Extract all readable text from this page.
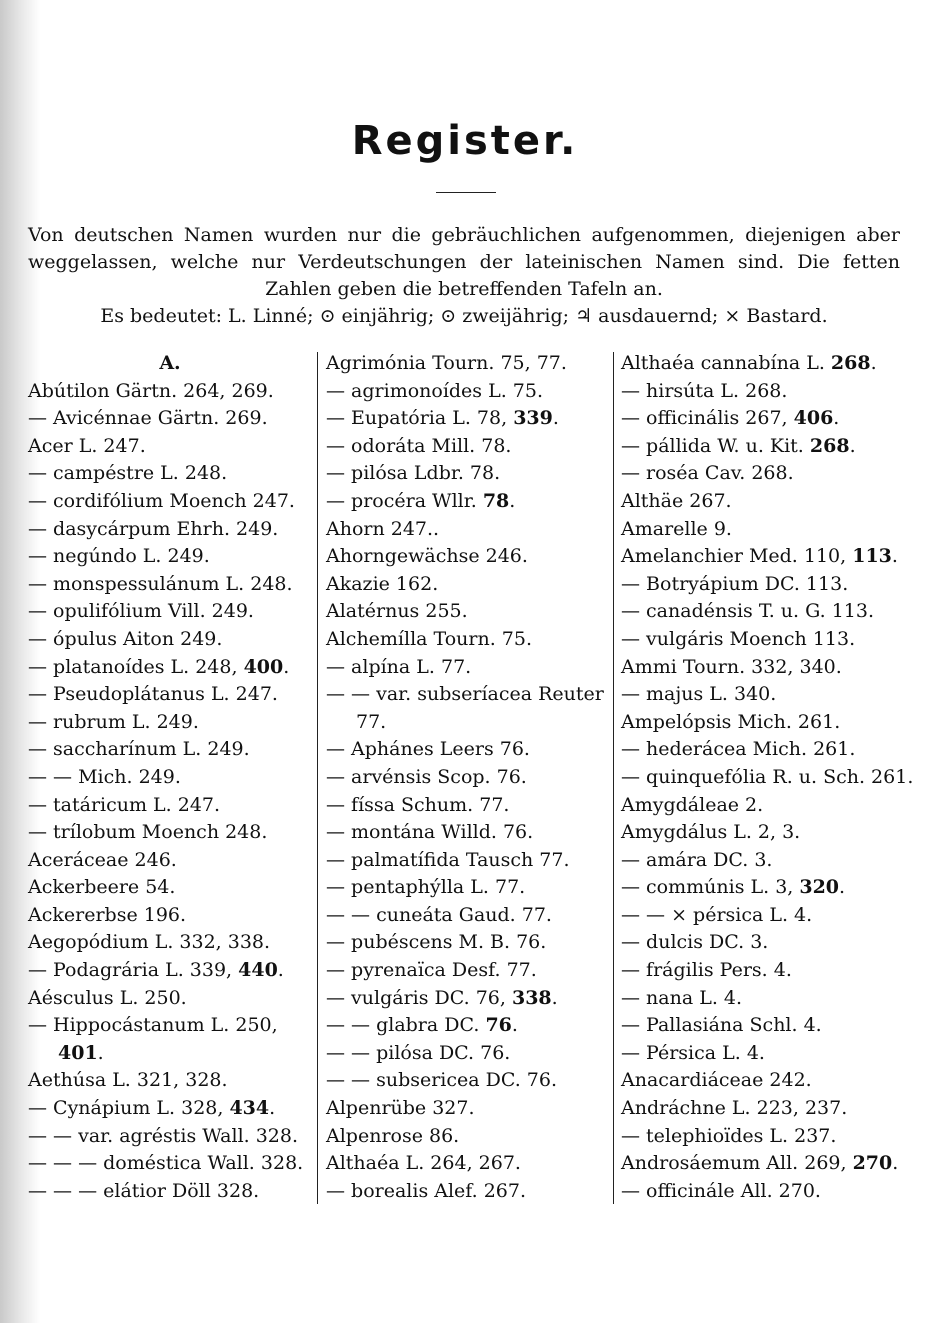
Register.

Von deutschen Namen wurden nur die gebräuchlichen aufgenommen, diejenigen aber

weggelassen, welche nur Verdeutschungen der lateinischen Namen sind. Die fetten

Zahlen geben die betreffenden Tafeln an.

Es bedeutet: L. Linné; ⊙ einjährig; ⊙ zweijährig; ♃ ausdauernd; × Bastard.

A.
Abútilon Gärtn. 264, 269.
— Avicénnae Gärtn. 269.
Acer L. 247.
— campéstre L. 248.
— cordifólium Moench 247.
— dasycárpum Ehrh. 249.
— negúndo L. 249.
— monspessulánum L. 248.
— opulifólium Vill. 249.
— ópulus Aiton 249.
— platanoídes L. 248, 400.
— Pseudoplátanus L. 247.
— rubrum L. 249.
— saccharínum L. 249.
— — Mich. 249.
— tatáricum L. 247.
— trílobum Moench 248.
Aceráceae 246.
Ackerbeere 54.
Ackererbse 196.
Aegopódium L. 332, 338.
— Podagrária L. 339, 440.
Aésculus L. 250.
— Hippocástanum L. 250,
401.
Aethúsa L. 321, 328.
— Cynápium L. 328, 434.
— — var. agréstis Wall. 328.
— — — doméstica Wall. 328.
— — — elátior Döll 328.
Agrimónia Tourn. 75, 77.
— agrimonoídes L. 75.
— Eupatória L. 78, 339.
— odoráta Mill. 78.
— pilósa Ldbr. 78.
— procéra Wllr. 78.
Ahorn 247..
Ahorngewächse 246.
Akazie 162.
Alatérnus 255.
Alchemílla Tourn. 75.
— alpína L. 77.
— — var. subseríacea Reuter
77.
— Aphánes Leers 76.
— arvénsis Scop. 76.
— físsa Schum. 77.
— montána Willd. 76.
— palmatífida Tausch 77.
— pentaphýlla L. 77.
— — cuneáta Gaud. 77.
— pubéscens M. B. 76.
— pyrenaïca Desf. 77.
— vulgáris DC. 76, 338.
— — glabra DC. 76.
— — pilósa DC. 76.
— — subsericea DC. 76.
Alpenrübe 327.
Alpenrose 86.
Althaéa L. 264, 267.
— borealis Alef. 267.
Althaéa cannabína L. 268.
— hirsúta L. 268.
— officinális 267, 406.
— pállida W. u. Kit. 268.
— roséa Cav. 268.
Althäe 267.
Amarelle 9.
Amelanchier Med. 110, 113.
— Botryápium DC. 113.
— canadénsis T. u. G. 113.
— vulgáris Moench 113.
Ammi Tourn. 332, 340.
— majus L. 340.
Ampelópsis Mich. 261.
— hederácea Mich. 261.
— quinquefólia R. u. Sch. 261.
Amygdáleae 2.
Amygdálus L. 2, 3.
— amára DC. 3.
— commúnis L. 3, 320.
— — × pérsica L. 4.
— dulcis DC. 3.
— frágilis Pers. 4.
— nana L. 4.
— Pallasiána Schl. 4.
— Pérsica L. 4.
Anacardiáceae 242.
Andráchne L. 223, 237.
— telephioïdes L. 237.
Androsáemum All. 269, 270.
— officinále All. 270.
